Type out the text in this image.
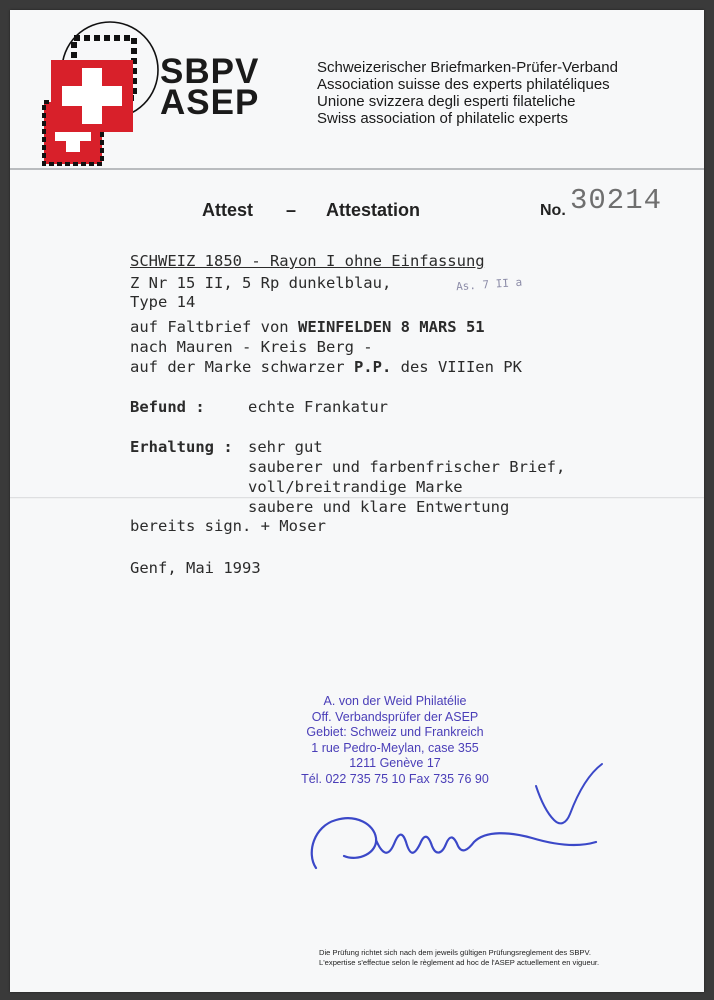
SBPV
ASEP
Schweizerischer Briefmarken-Prüfer-Verband
Association suisse des experts philatéliques
Unione svizzera degli esperti filateliche
Swiss association of philatelic experts
Attest – Attestation	No. 30214
SCHWEIZ 1850 - Rayon I ohne Einfassung
Z Nr 15 II, 5 Rp dunkelblau,	As. 7 II a
Type 14
auf Faltbrief von WEINFELDEN 8 MARS 51
nach Mauren - Kreis Berg -
auf der Marke schwarzer P.P. des VIIIen PK
Befund :	echte Frankatur
Erhaltung : sehr gut
sauberer und farbenfrischer Brief,
voll/breitrandige Marke
saubere und klare Entwertung
bereits sign. + Moser
Genf, Mai 1993
A. von der Weid Philatélie
Off. Verbandsprüfer der ASEP
Gebiet: Schweiz und Frankreich
1 rue Pedro-Meylan, case 355
1211 Genève 17
Tél. 022 735 75 10 Fax 735 76 90
Die Prüfung richtet sich nach dem jeweils gültigen Prüfungsreglement des SBPV.
L'expertise s'effectue selon le règlement ad hoc de l'ASEP actuellement en vigueur.
